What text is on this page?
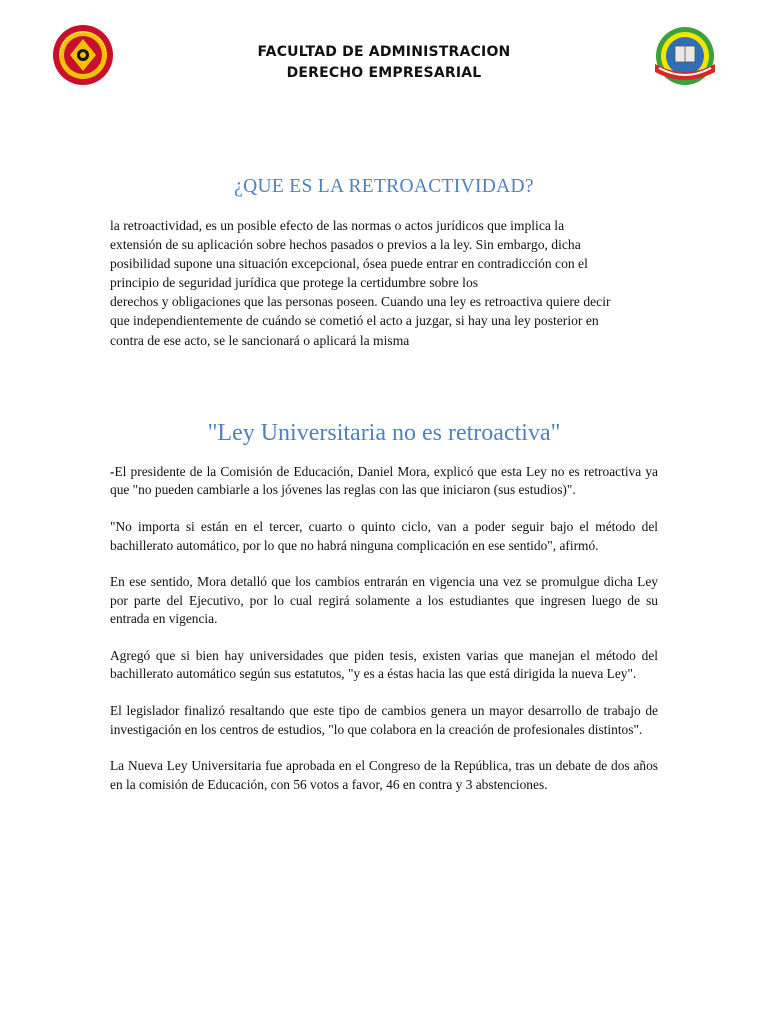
FACULTAD DE ADMINISTRACION
DERECHO EMPRESARIAL
¿QUE ES LA RETROACTIVIDAD?
la retroactividad, es un posible efecto de las normas o actos jurídicos que implica la
extensión de su aplicación sobre hechos pasados o previos a la ley. Sin embargo, dicha
posibilidad supone una situación excepcional, ósea puede entrar en contradicción con el
principio de seguridad jurídica que protege la certidumbre sobre los
derechos y obligaciones que las personas poseen. Cuando una ley es retroactiva quiere decir
que independientemente de cuándo se cometió el acto a juzgar, si hay una ley posterior en
contra de ese acto, se le sancionará o aplicará la misma
"Ley Universitaria no es retroactiva"

-El presidente de la Comisión de Educación, Daniel Mora, explicó que esta Ley no es retroactiva ya que "no pueden cambiarle a los jóvenes las reglas con las que iniciaron (sus estudios)".

"No importa si están en el tercer, cuarto o quinto ciclo, van a poder seguir bajo el método del bachillerato automático, por lo que no habrá ninguna complicación en ese sentido", afirmó.

En ese sentido, Mora detalló que los cambios entrarán en vigencia una vez se promulgue dicha Ley por parte del Ejecutivo, por lo cual regirá solamente a los estudiantes que ingresen luego de su entrada en vigencia.

Agregó que si bien hay universidades que piden tesis, existen varias que manejan el método del bachillerato automático según sus estatutos, "y es a éstas hacia las que está dirigida la nueva Ley".

El legislador finalizó resaltando que este tipo de cambios genera un mayor desarrollo de trabajo de investigación en los centros de estudios, "lo que colabora en la creación de profesionales distintos".

La Nueva Ley Universitaria fue aprobada en el Congreso de la República, tras un debate de dos años en la comisión de Educación, con 56 votos a favor, 46 en contra y 3 abstenciones.
